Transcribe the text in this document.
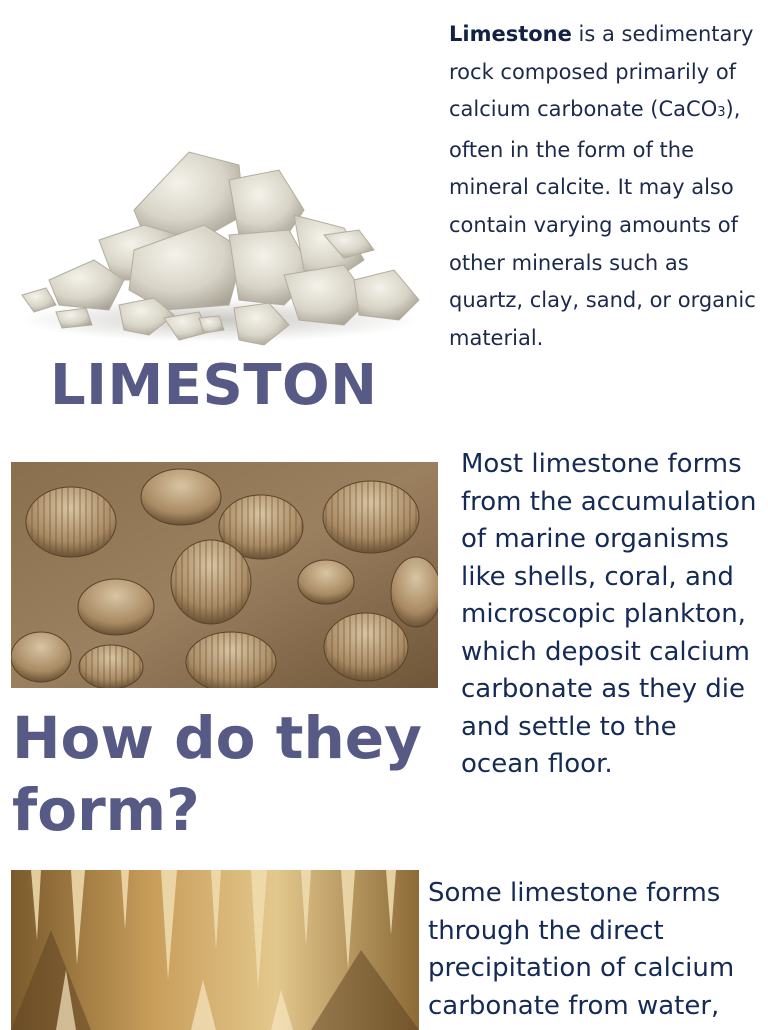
LIMESTON
Limestone is a sedimentary rock composed primarily of calcium carbonate (CaCO3), often in the form of the mineral calcite. It may also contain varying amounts of other minerals such as quartz, clay, sand, or organic material.
How do they form?
Most limestone forms from the accumulation of marine organisms like shells, coral, and microscopic plankton, which deposit calcium carbonate as they die and settle to the ocean floor.
Some limestone forms through the direct precipitation of calcium carbonate from water,
